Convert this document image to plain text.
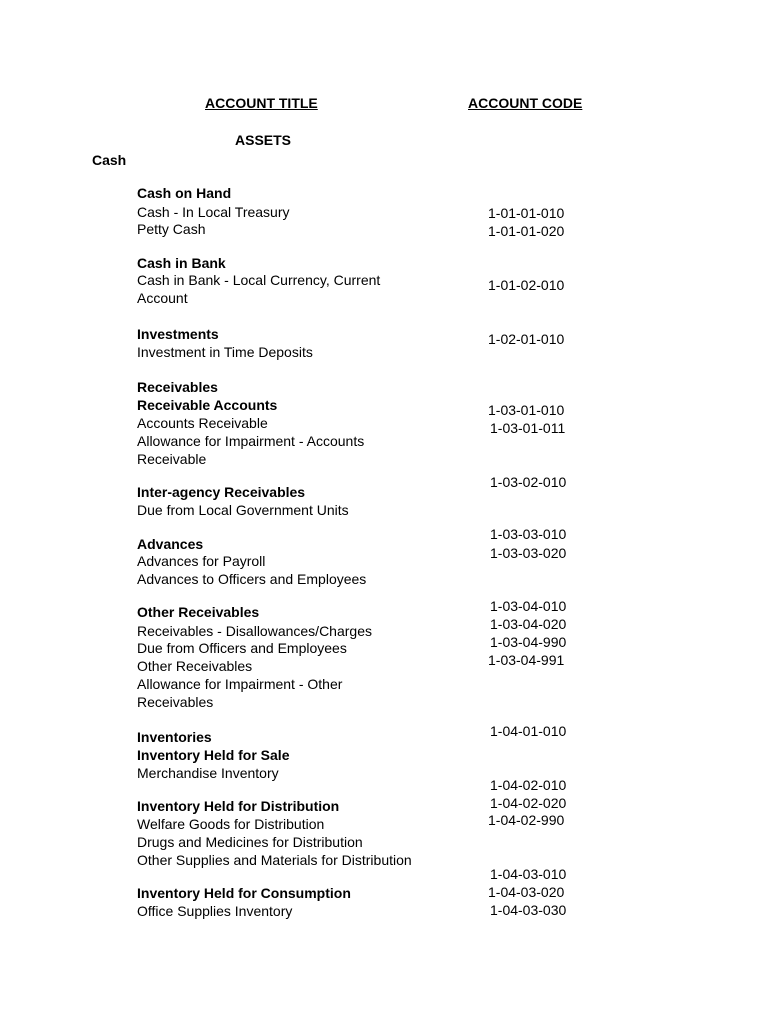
ACCOUNT TITLE	ACCOUNT CODE
ASSETS
Cash
Cash on Hand
Cash in Bank
Investments
Receivables
Receivable Accounts
Inter-agency Receivables
Advances
Other Receivables
Inventories
Inventory Held for Sale
Inventory Held for Distribution
Inventory Held for Consumption
Cash - In Local Treasury
Petty Cash
Cash in Bank - Local Currency, Current
Account
Investment in Time Deposits
Accounts Receivable
Allowance for Impairment - Accounts
Receivable
Due from Local Government Units
Advances for Payroll
Advances to Officers and Employees
Receivables - Disallowances/Charges
Due from Officers and Employees
Other Receivables
Allowance for Impairment - Other
Receivables
Merchandise Inventory
Welfare Goods for Distribution
Drugs and Medicines for Distribution
Other Supplies and Materials for Distribution
Office Supplies Inventory
1-01-01-010
1-01-01-020
1-01-02-010
1-02-01-010
1-03-01-010
1-03-01-011
1-03-02-010
1-03-03-010
1-03-03-020
1-03-04-010
1-03-04-020
1-03-04-990
1-03-04-991
1-04-01-010
1-04-02-010
1-04-02-020
1-04-02-990
1-04-03-010
1-04-03-020
1-04-03-030
